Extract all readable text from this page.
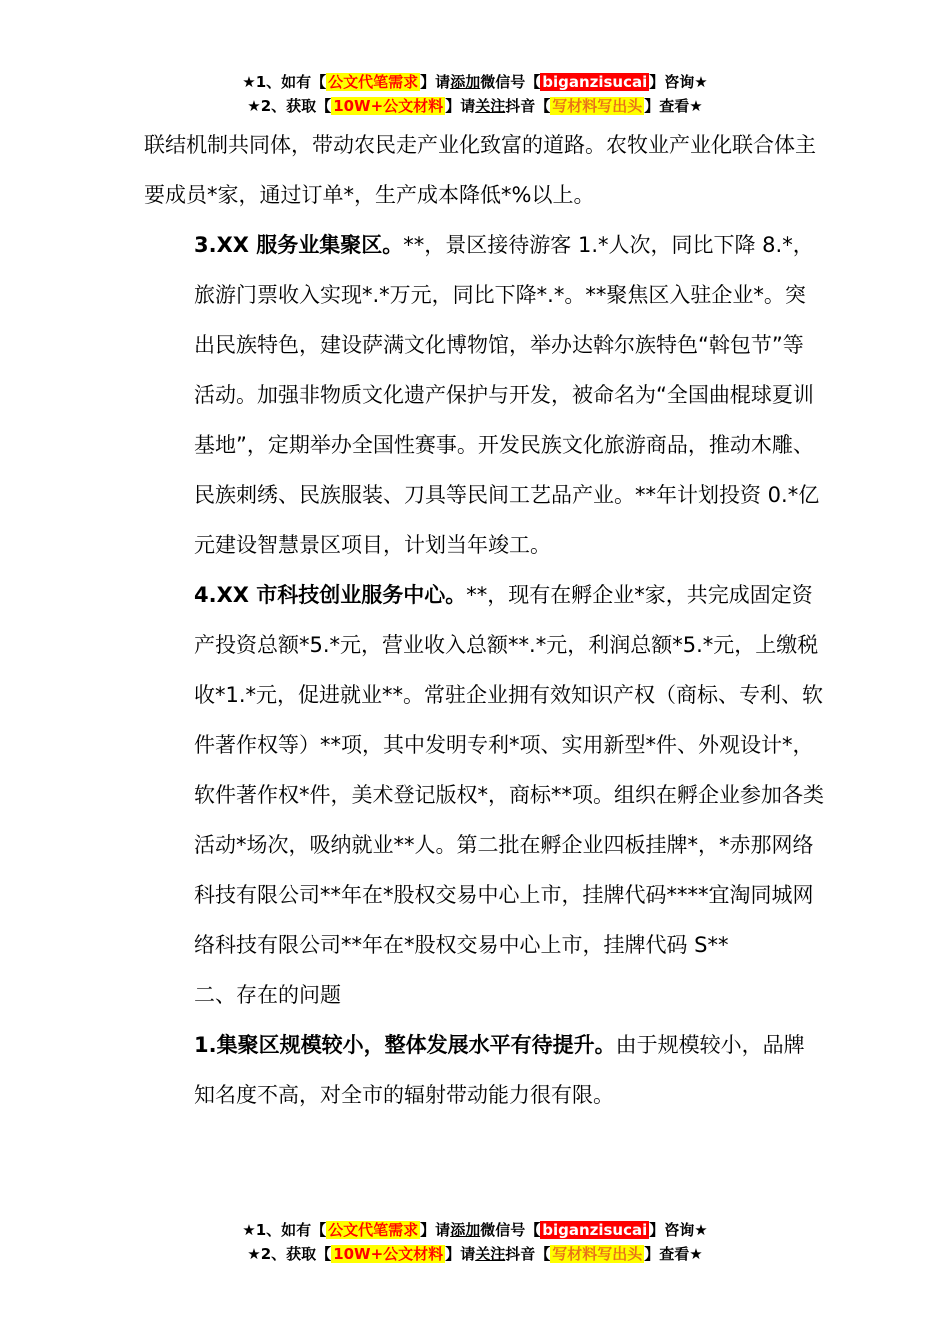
★1、如有【 公文代笔需求 】请添加微信号【 biganzisucai 】咨询★
★2、获取【 10W+公文材料 】请关注抖音【 写材料写出头 】查看★

联结机制共同体，带动农民走产业化致富的道路。农牧业产业化联合体主要成员*家，通过订单*，生产成本降低*%以上。

3.XX 服务业集聚区。**，景区接待游客 1.*人次，同比下降 8.*，旅游门票收入实现*.*万元，同比下降*.*。**聚焦区入驻企业*。突出民族特色，建设萨满文化博物馆，举办达斡尔族特色“斡包节”等活动。加强非物质文化遗产保护与开发，被命名为“全国曲棍球夏训基地”，定期举办全国性赛事。开发民族文化旅游商品，推动木雕、民族刺绣、民族服装、刀具等民间工艺品产业。**年计划投资 0.*亿元建设智慧景区项目，计划当年竣工。

4.XX 市科技创业服务中心。**，现有在孵企业*家，共完成固定资产投资总额*5.*元，营业收入总额**.*元，利润总额*5.*元，上缴税收*1.*元，促进就业**。常驻企业拥有效知识产权（商标、专利、软件著作权等）**项，其中发明专利*项、实用新型*件、外观设计*，软件著作权*件，美术登记版权*，商标**项。组织在孵企业参加各类活动*场次，吸纳就业**人。第二批在孵企业四板挂牌*，*赤那网络科技有限公司**年在*股权交易中心上市，挂牌代码****宜淘同城网络科技有限公司**年在*股权交易中心上市，挂牌代码 S**

二、存在的问题

1.集聚区规模较小，整体发展水平有待提升。由于规模较小，品牌知名度不高，对全市的辐射带动能力很有限。

★1、如有【 公文代笔需求 】请添加微信号【 biganzisucai 】咨询★
★2、获取【 10W+公文材料 】请关注抖音【 写材料写出头 】查看★
